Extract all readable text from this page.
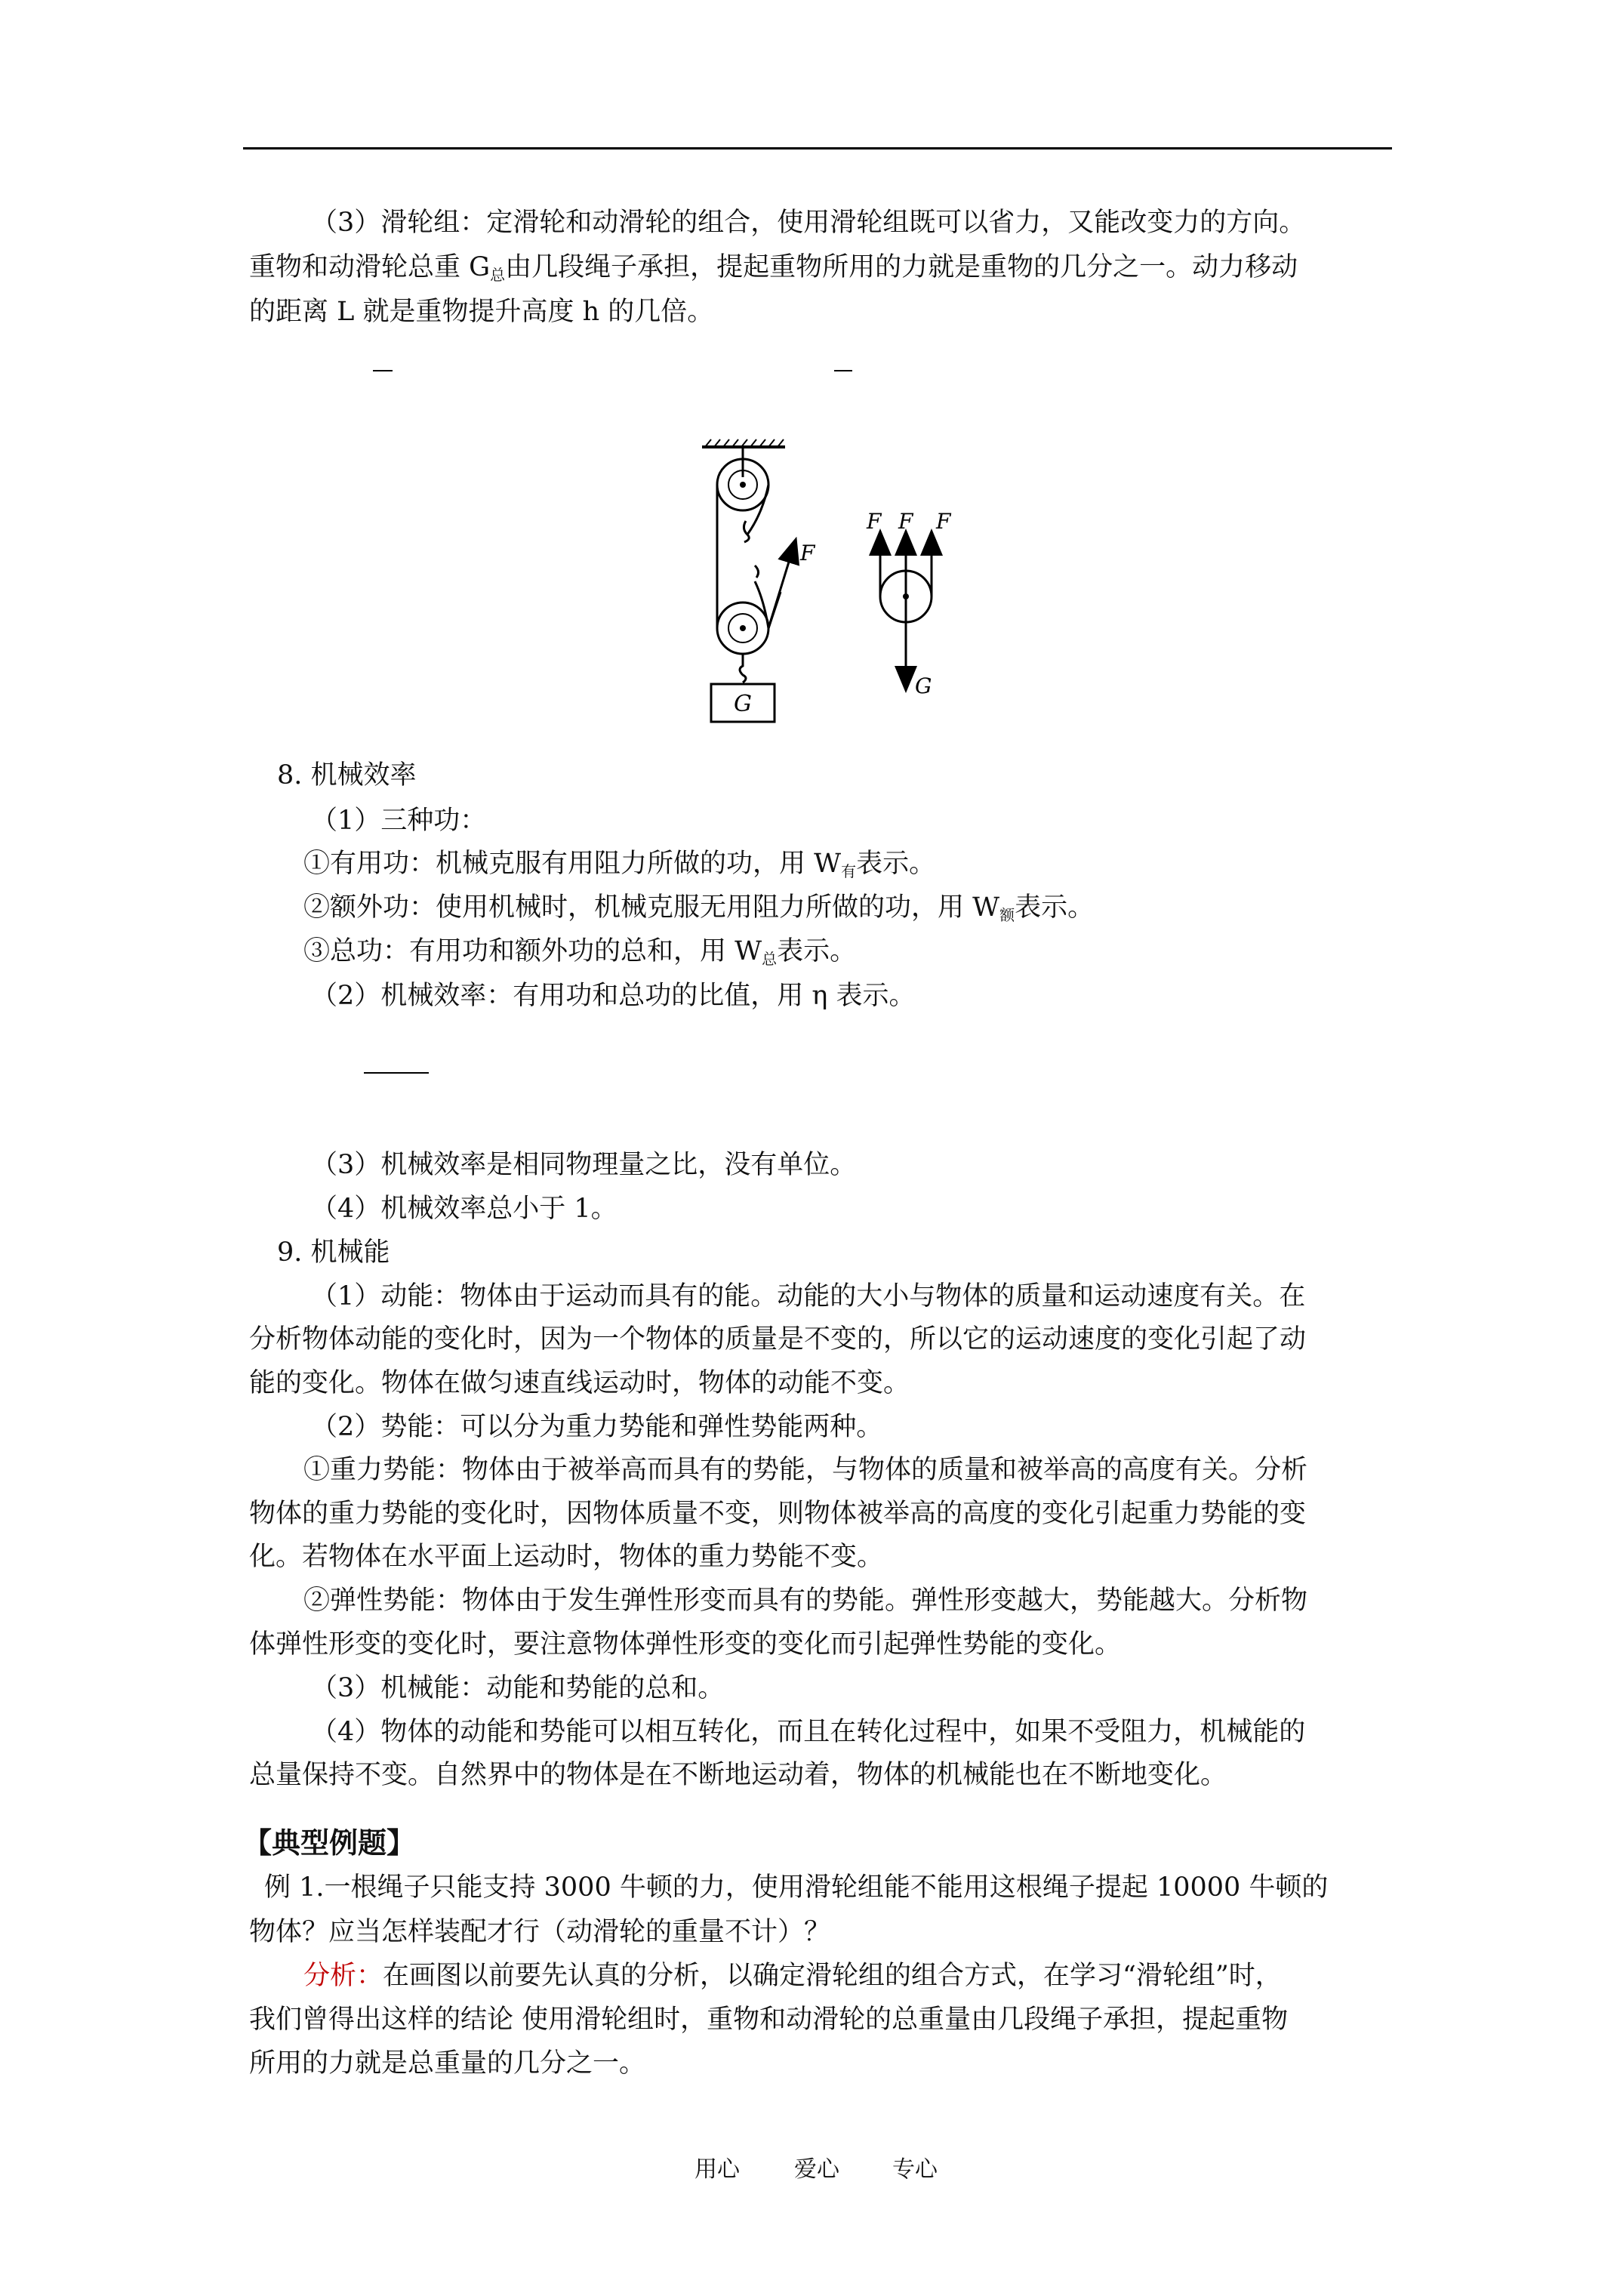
（3）滑轮组：定滑轮和动滑轮的组合，使用滑轮组既可以省力，又能改变力的方向。
重物和动滑轮总重 $G_总$由几段绳子承担，提起重物所用的力就是重物的几分之一。动力移动
的距离 L 就是重物提升高度 h 的几倍。
F
G
F F F
G
8. 机械效率
（1）三种功：
①有用功：机械克服有用阻力所做的功，用 $W_有$表示。
②额外功：使用机械时，机械克服无用阻力所做的功，用 $W_额$表示。
③总功：有用功和额外功的总和，用 $W_总$表示。
（2）机械效率：有用功和总功的比值，用 η 表示。
（3）机械效率是相同物理量之比，没有单位。
（4）机械效率总小于 1。
9. 机械能
（1）动能：物体由于运动而具有的能。动能的大小与物体的质量和运动速度有关。在
分析物体动能的变化时，因为一个物体的质量是不变的，所以它的运动速度的变化引起了动
能的变化。物体在做匀速直线运动时，物体的动能不变。
（2）势能：可以分为重力势能和弹性势能两种。
①重力势能：物体由于被举高而具有的势能，与物体的质量和被举高的高度有关。分析
物体的重力势能的变化时，因物体质量不变，则物体被举高的高度的变化引起重力势能的变
化。若物体在水平面上运动时，物体的重力势能不变。
②弹性势能：物体由于发生弹性形变而具有的势能。弹性形变越大，势能越大。分析物
体弹性形变的变化时，要注意物体弹性形变的变化而引起弹性势能的变化。
（3）机械能：动能和势能的总和。
（4）物体的动能和势能可以相互转化，而且在转化过程中，如果不受阻力，机械能的
总量保持不变。自然界中的物体是在不断地运动着，物体的机械能也在不断地变化。
【典型例题】
例 1.一根绳子只能支持 3000 牛顿的力，使用滑轮组能不能用这根绳子提起 10000 牛顿的
物体？应当怎样装配才行（动滑轮的重量不计）？
分析：在画图以前要先认真的分析，以确定滑轮组的组合方式，在学习“滑轮组”时，
我们曾得出这样的结论 使用滑轮组时，重物和动滑轮的总重量由几段绳子承担，提起重物
所用的力就是总重量的几分之一。
用心 爱心 专心
